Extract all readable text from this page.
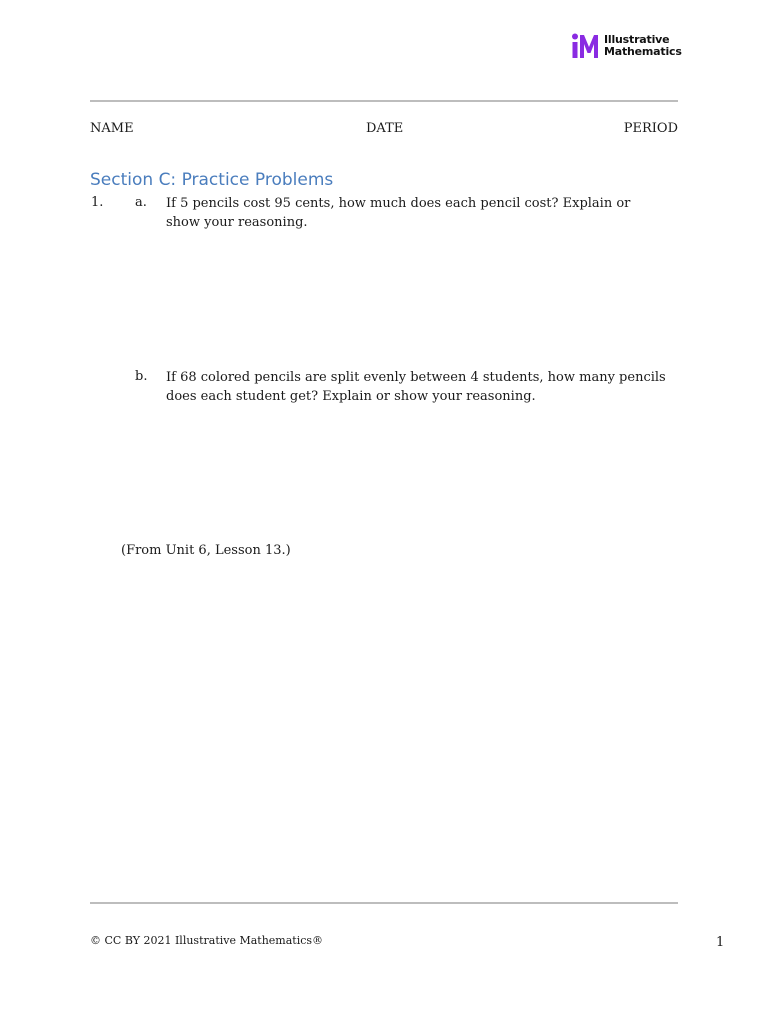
Illustrative
Mathematics
NAME	DATE	PERIOD
Section C: Practice Problems
1. a. If 5 pencils cost 95 cents, how much does each pencil cost? Explain or show your reasoning.
b. If 68 colored pencils are split evenly between 4 students, how many pencils does each student get? Explain or show your reasoning.
(From Unit 6, Lesson 13.)
© CC BY 2021 Illustrative Mathematics®	1
